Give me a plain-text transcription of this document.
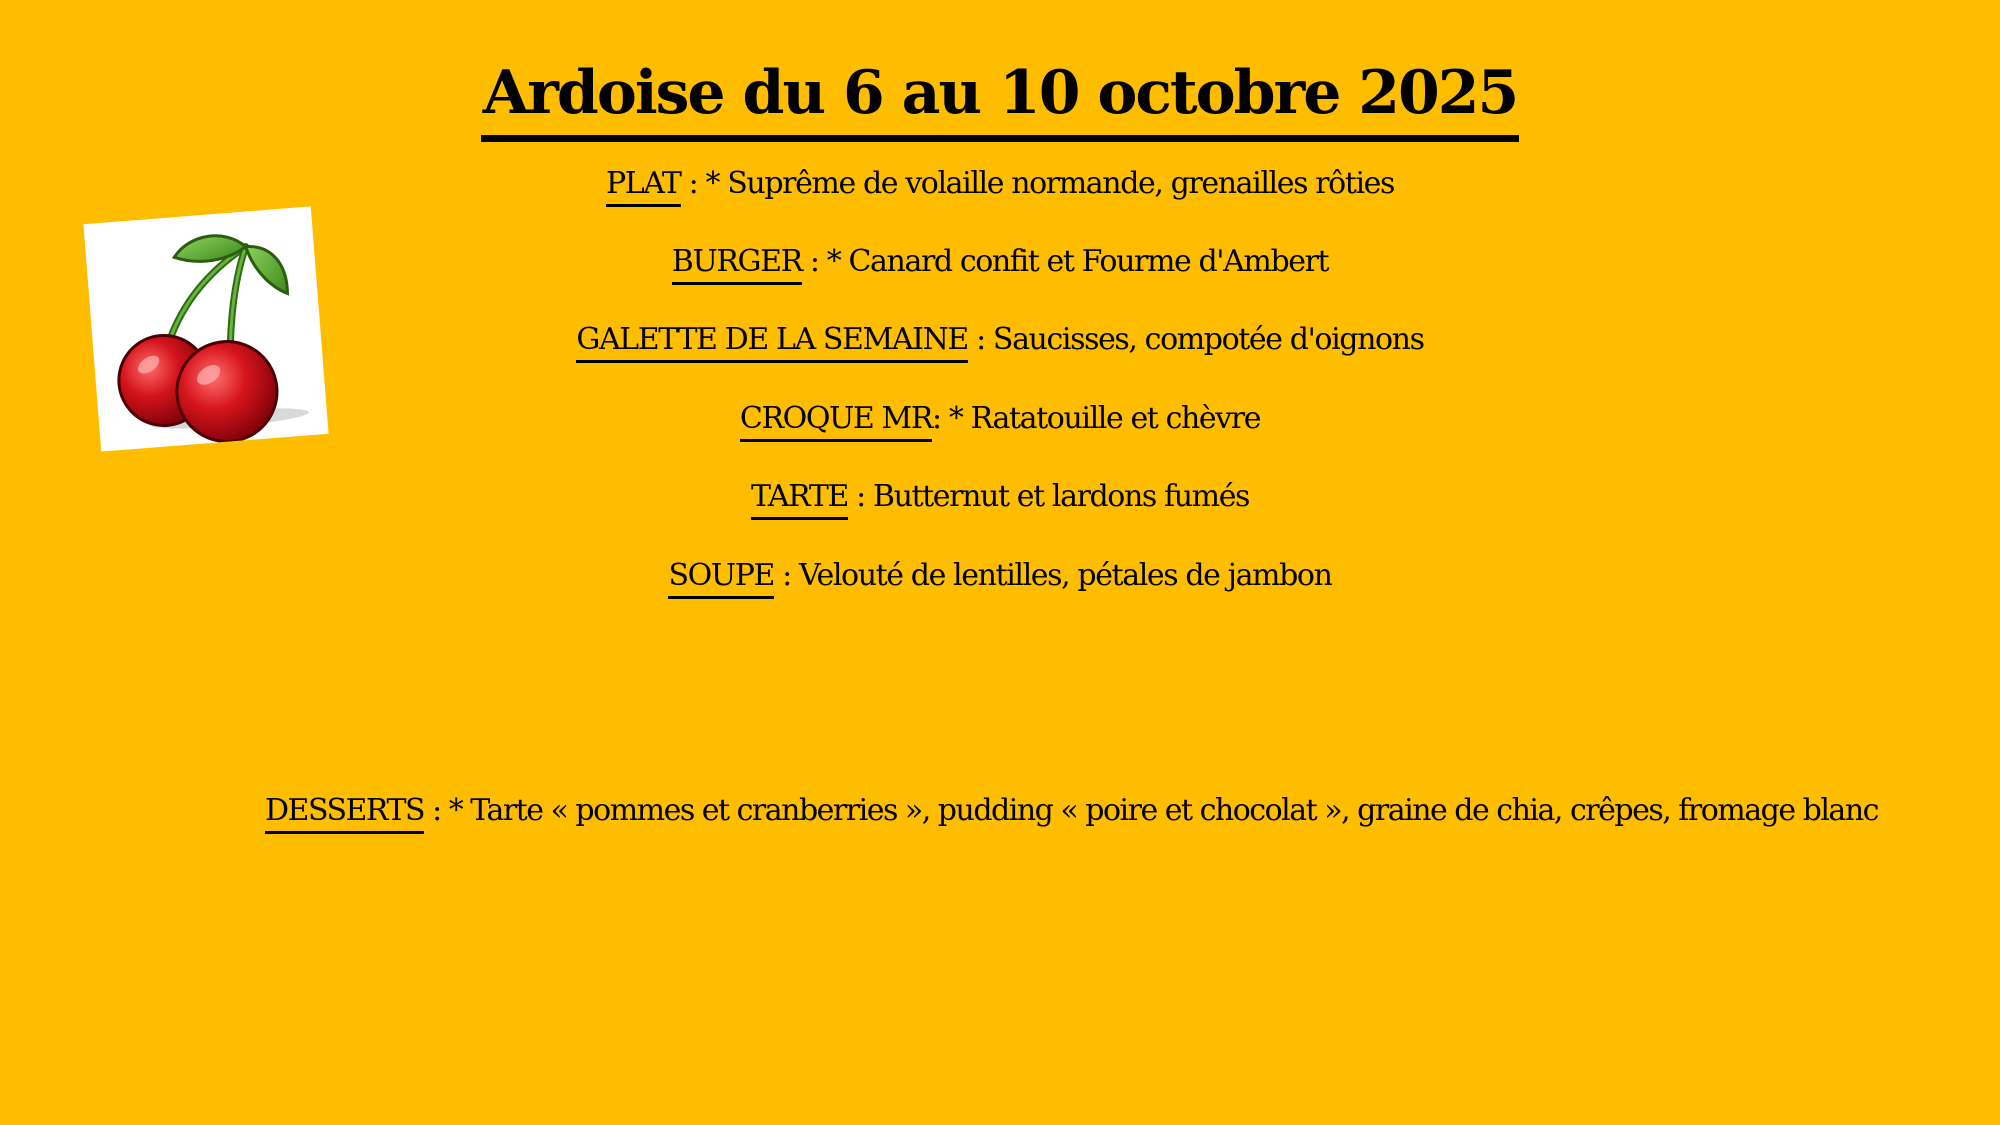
Ardoise du 6 au 10 octobre 2025
PLAT : * Suprême de volaille normande, grenailles rôties
BURGER : * Canard confit et Fourme d'Ambert
GALETTE DE LA SEMAINE : Saucisses, compotée d'oignons
CROQUE MR: * Ratatouille et chèvre
TARTE : Butternut et lardons fumés
SOUPE : Velouté de lentilles, pétales de jambon
DESSERTS : * Tarte « pommes et cranberries », pudding « poire et chocolat », graine de chia, crêpes, fromage blanc
